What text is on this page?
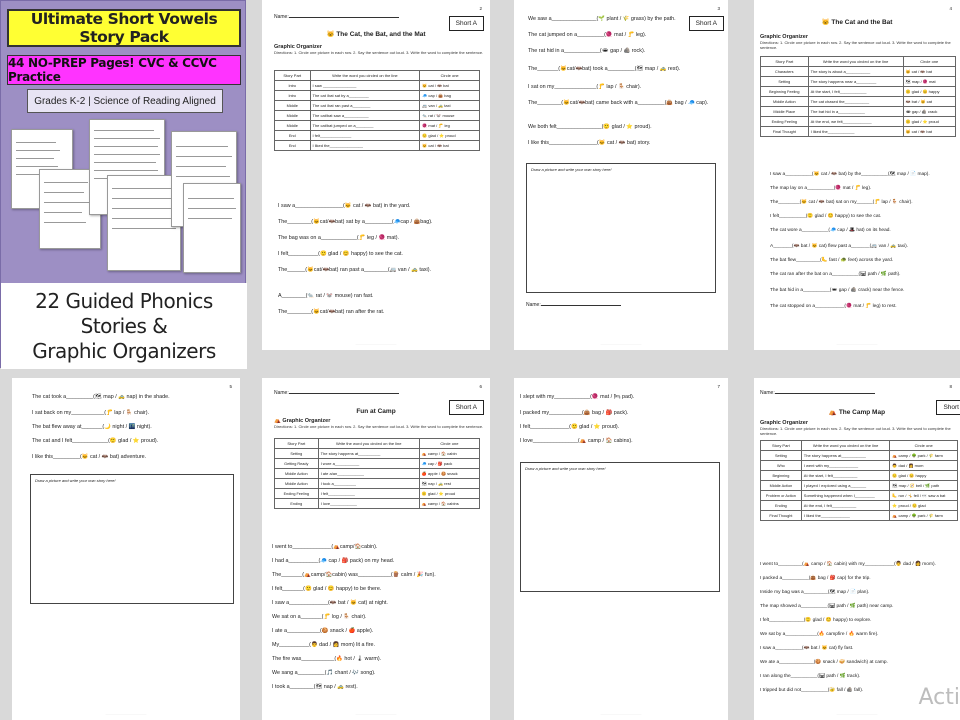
Ultimate Short Vowels Story Pack
44 NO-PREP Pages! CVC & CCVC Practice
Grades K-2 | Science of Reading Aligned
22 Guided Phonics Stories &
Graphic Organizers
2
Name:
Short A
🐱 The Cat, the Bat, and the Mat
Graphic Organizer
Directions: 1. Circle one picture in each row. 2. Say the sentence out loud. 3. Write the word to complete the sentence.
Story Part	Write the word you circled on the line	Circle one
Intro	I saw _______________	🐱 cat / 🦇 bat
Intro	The cat /bat sat by a_________	🧢 cap / 👜 bag
Middle	The cat /bat ran past a________	🚐 van / 🚕 taxi
Middle	The cat/bat saw a___________	🐀 rat / 🐭 mouse
Middle	The cat/bat jumped on a________	🧶 mat / 🦵 leg
End	I felt______________	🙂 glad / ⭐ proud
End	I liked the_______________	🐱 cat / 🦇 bat
I saw a________________(🐱 cat / 🦇 bat) in the yard.
The________(🐱cat/🦇bat) sat by a_________(🧢cap / 👜bag).
The bag was on a____________(🦵 leg / 🧶 mat).
I felt__________(🙂 glad / 😊 happy) to see the cat.
The______(🐱cat/🦇bat) ran past a________(🚐 van / 🚕 taxi).
A________(🐀 rat / 🐭 mouse) ran fast.
The________(🐱cat/🦇bat) ran after the rat.
·········································
3
Short A
We saw a_______________(🌱 plant / 🌾 grass) by the path.
The cat jumped on a_________(🧶 mat / 🦵 leg).
The rat hid in a____________(🕳 gap / 🪨 rock).
The_______(🐱cat/🦇bat) took a_________(🗺 map / 🚕 rest).
I sat on my______________(🦵 lap / 🪑 chair).
The________(🐱cat/🦇bat) came back with a_________(👜 bag / 🧢 cap).
We both felt_______________(🙂 glad / ⭐ proud).
I like this________________(🐱 cat / 🦇 bat) story.
Draw a picture and write your own story here!
Name:
·········································
4
🐱 The Cat and the Bat
Graphic Organizer
Directions: 1. Circle one picture in each row. 2. Say the sentence out loud. 3. Write the word to complete the sentence.
Story Part	Write the word you circled on the line	Circle one
Characters	The story is about a___________	🐱 cat / 🦇 bat
Setting	The story happens near a_________	🗺 map / 🧶 mat
Beginning Feeling	At the start, I felt____________	🙂 glad / 😊 happy
Middle Action	The cat chased the___________	🦇 bat / 🐱 cat
Middle Place	The bat hid in a____________	🕳 gap / 🪨 crack
Ending Feeling	At the end, we felt_____________	🙂 glad / ⭐ proud
Final Thought	I liked the____________	🐱 cat / 🦇 bat
I saw a__________(🐱 cat / 🦇 bat) by the__________(🗺 map / 📄 map).
The map lay on a__________(🧶 mat / 🦵 leg).
The________(🐱 cat / 🦇 bat) sat on my______(🦵 lap / 🪑 chair).
I felt__________(🙂 glad / 😊 happy) to see the cat.
The cat wore a__________(🧢 cap / 🎩 hat) on its head.
A_______(🦇 bat / 🐱 cat) flew past a_______(🚐 van / 🚕 taxi).
The bat flew_________(🦶 fast / 🐢 feet) across the yard.
The cat ran after the bat on a__________(🛤 path / 🌿 path).
The bat hid in a__________(🕳 gap / 🪨 crack) near the fence.
The cat stopped on a___________(🧶 mat / 🦵 leg) to rest.
·········································
5
The cat took a_________(🗺 map / 🚕 nap) in the shade.
I sat back on my___________(🦵 lap / 🪑 chair).
The bat flew away at_______(🌙 night / 🌃 night).
The cat and I felt____________(🙂 glad / ⭐ proud).
I like this_________(🐱 cat / 🦇 bat) adventure.
Draw a picture and write your own story here!
·········································
6
Name:
Short A
Fun at Camp
⛺ Graphic Organizer
Directions: 1. Circle one picture in each row. 2. Say the sentence out loud. 3. Write the word to complete the sentence.
Story Part	Write the word you circled on the line	Circle one
Setting	The story happens at__________	⛺ camp / 🏠 cabin
Getting Ready	I wore a___________	🧢 cap / 🎒 pack
Middle Action	I ate a/an____________	🍎 apple / 🍪 snack
Middle Action	I took a__________	🗺 nap / 🚕 rest
Ending Feeling	I felt____________	🙂 glad / ⭐ proud
Ending	I love____________	⛺ camp / 🏠 cabins
I went to_____________(⛺camp/🏠cabin).
I had a__________(🧢 cap / 🎒 pack) on my head.
The_______(⛺camp/🏠cabin) was___________(🪵 calm / 🎉 fun).
I felt_______(🙂 glad / 😊 happy) to be there.
I saw a_____________(🦇 bat / 🐱 cat) at night.
We sat on a_______(🦵 log / 🪑 chair).
I ate a___________(🍪 snack / 🍎 apple).
My__________(👨 dad / 👩 mom) lit a fire.
The fire was___________(🔥 hot / 🌡 warm).
We sang a_________(🎵 chant / 🎶 song).
I took a________(🗺 nap / 🚕 rest).
·········································
7
I slept with my____________(🧶 mat / 🛏 pad).
I packed my___________(👜 bag / 🎒 pack).
I felt_____________(🙂 glad / ⭐ proud).
I love_______________(⛺ camp / 🏠 cabins).
Draw a picture and write your own story here!
·········································
8
Name:
Short
⛺ The Camp Map
Graphic Organizer
Directions: 1. Circle one picture in each row. 2. Say the sentence out loud. 3. Write the word to complete the sentence.
Story Part	Write the word you circled on the line	Circle one
Setting	The story happens at___________	⛺ camp / 🌳 park / 🌾 farm
Who	I went with my_____________	👨 dad / 👩 mom
Beginning	At the start, I felt___________	🙂 glad / 😊 happy
Middle Action	I played / explored using a_______	🗺 map / 🧭 bell / 🌿 path
Problem or Action	Something happened when I_________	🦶 run / 🤸 fell / 👀 saw a bat
Ending	At the end, I felt___________	⭐ proud / 🙂 glad
Final Thought	I liked the_____________	⛺ camp / 🌳 park / 🌾 farm
I went to_________(⛺ camp / 🏠 cabin) with my___________(👨 dad / 👩 mom).
I packed a__________(👜 bag / 🎒 cap) for the trip.
Inside my bag was a_________(🗺 map / 📄 plan).
The map showed a__________(🛤 path / 🌿 path) near camp.
I felt_____________(🙂 glad / 😊 happy) to explore.
We sat by a____________(🔥 campfire / 🔥 warm fire).
I saw a__________(🦇 bat / 🐱 cat) fly fast.
We ate a_____________(🍪 snack / 🥪 sandwich) at camp.
I ran along the__________(🛤 path / 🌿 track).
I tripped but did not__________(🤕 fall / 🪨 fall).
·········································
Acti
